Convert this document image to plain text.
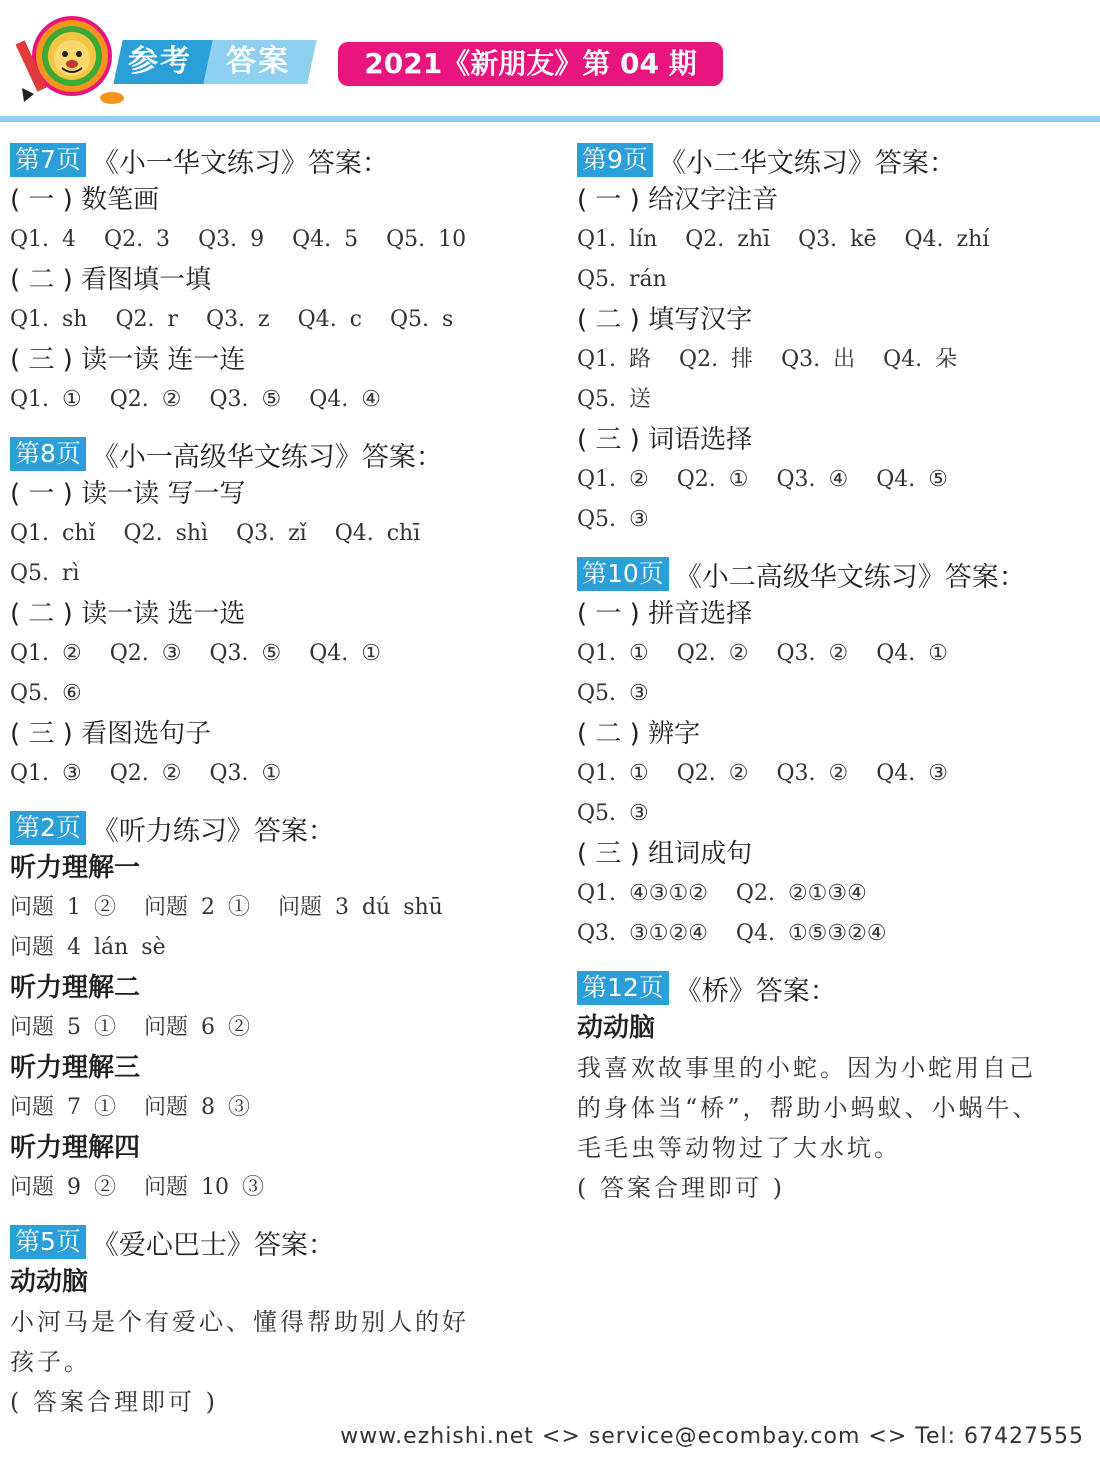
参考 答案	2021《新朋友》第 04 期
第7页 《小一华文练习》答案：
( 一 ) 数笔画
Q1. 4 Q2. 3 Q3. 9 Q4. 5 Q5. 10
( 二 ) 看图填一填
Q1. sh Q2. r Q3. z Q4. c Q5. s
( 三 ) 读一读 连一连
Q1. ① Q2. ② Q3. ⑤ Q4. ④
第8页 《小一高级华文练习》答案：
( 一 ) 读一读 写一写
Q1. chǐ Q2. shì Q3. zǐ Q4. chī
Q5. rì
( 二 ) 读一读 选一选
Q1. ② Q2. ③ Q3. ⑤ Q4. ①
Q5. ⑥
( 三 ) 看图选句子
Q1. ③ Q2. ② Q3. ①
第2页 《听力练习》答案：
听力理解一
问题 1 ② 问题 2 ① 问题 3 dú shū
问题 4 lán sè
听力理解二
问题 5 ① 问题 6 ②
听力理解三
问题 7 ① 问题 8 ③
听力理解四
问题 9 ② 问题 10 ③
第5页 《爱心巴士》答案：
动动脑
小河马是个有爱心、懂得帮助别人的好
孩子。
( 答案合理即可 )
第9页 《小二华文练习》答案：
( 一 ) 给汉字注音
Q1. lín Q2. zhī Q3. kē Q4. zhí
Q5. rán
( 二 ) 填写汉字
Q1. 路 Q2. 排 Q3. 出 Q4. 朵
Q5. 送
( 三 ) 词语选择
Q1. ② Q2. ① Q3. ④ Q4. ⑤
Q5. ③
第10页 《小二高级华文练习》答案：
( 一 ) 拼音选择
Q1. ① Q2. ② Q3. ② Q4. ①
Q5. ③
( 二 ) 辨字
Q1. ① Q2. ② Q3. ② Q4. ③
Q5. ③
( 三 ) 组词成句
Q1. ④③①② Q2. ②①③④
Q3. ③①②④ Q4. ①⑤③②④
第12页 《桥》答案：
动动脑
我喜欢故事里的小蛇。因为小蛇用自己
的身体当“桥”，帮助小蚂蚁、小蜗牛、
毛毛虫等动物过了大水坑。
( 答案合理即可 )
www.ezhishi.net <> service@ecombay.com <> Tel: 67427555
